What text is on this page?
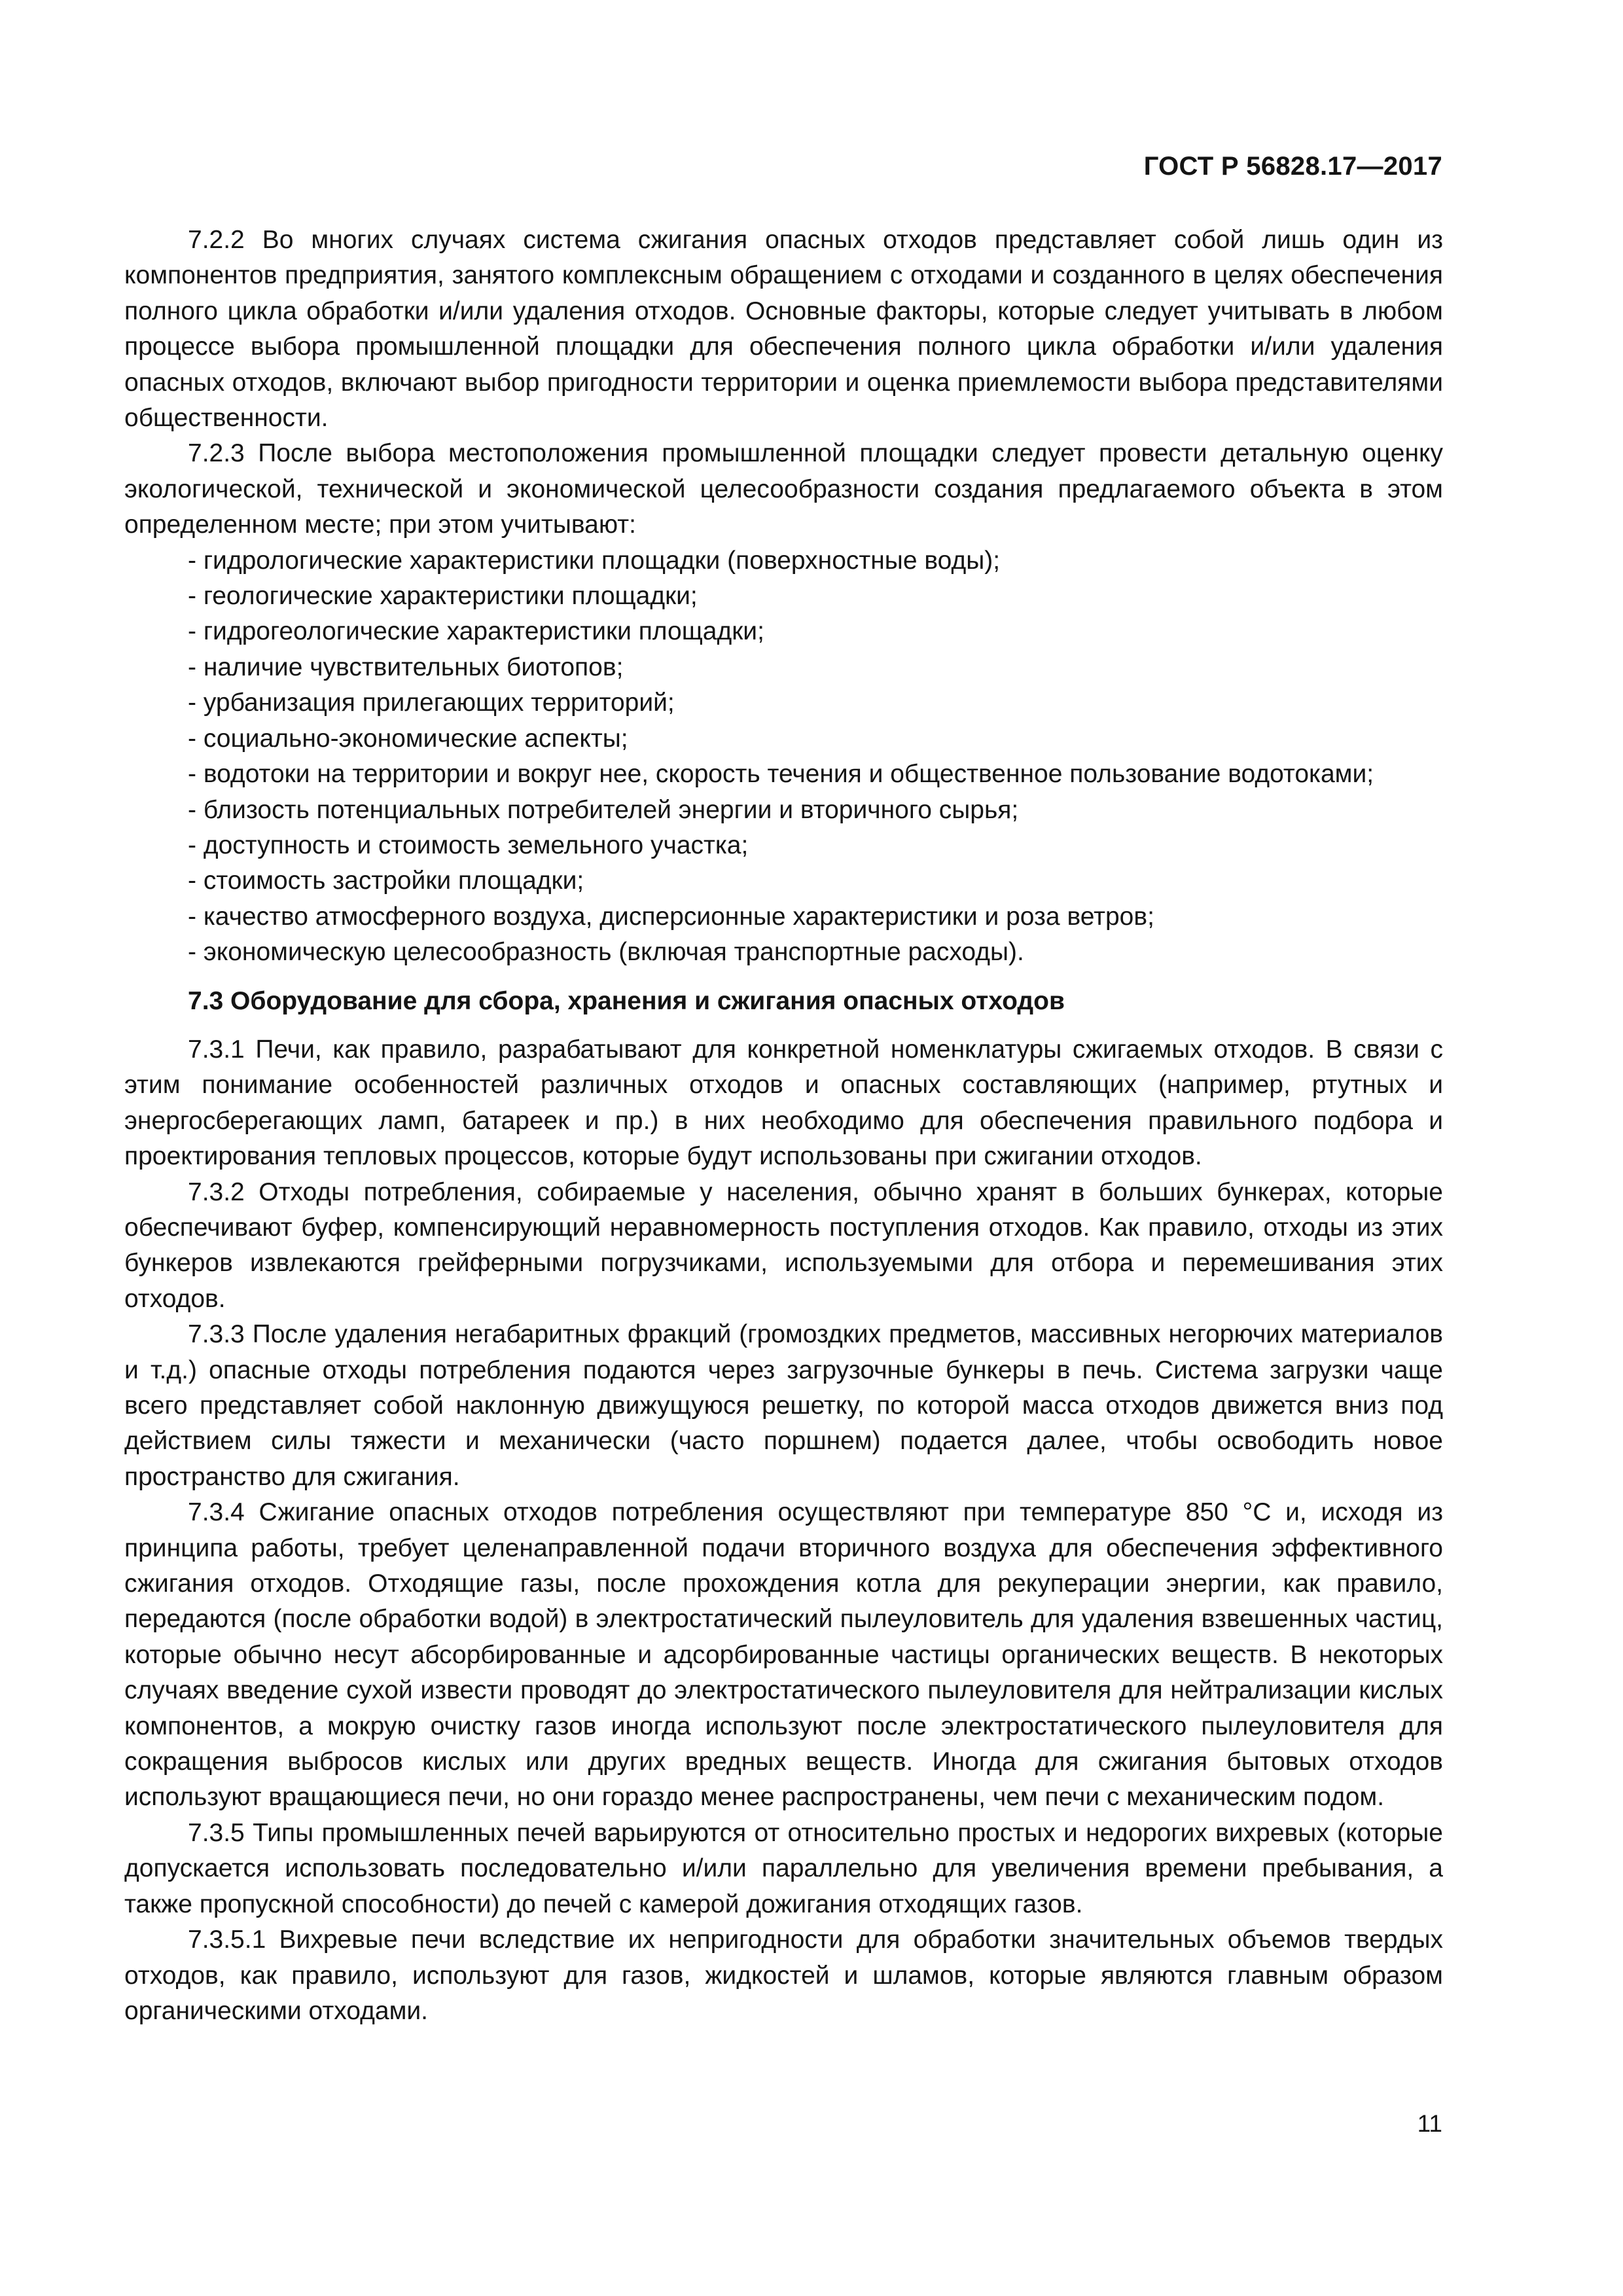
ГОСТ Р 56828.17—2017

7.2.2 Во многих случаях система сжигания опасных отходов представляет собой лишь один из компонентов предприятия, занятого комплексным обращением с отходами и созданного в целях обеспечения полного цикла обработки и/или удаления отходов. Основные факторы, которые следует учитывать в любом процессе выбора промышленной площадки для обеспечения полного цикла обработки и/или удаления опасных отходов, включают выбор пригодности территории и оценка приемлемости выбора представителями общественности.

7.2.3 После выбора местоположения промышленной площадки следует провести детальную оценку экологической, технической и экономической целесообразности создания предлагаемого объекта в этом определенном месте; при этом учитывают:

- гидрологические характеристики площадки (поверхностные воды);
- геологические характеристики площадки;
- гидрогеологические характеристики площадки;
- наличие чувствительных биотопов;
- урбанизация прилегающих территорий;
- социально-экономические аспекты;
- водотоки на территории и вокруг нее, скорость течения и общественное пользование водотоками;
- близость потенциальных потребителей энергии и вторичного сырья;
- доступность и стоимость земельного участка;
- стоимость застройки площадки;
- качество атмосферного воздуха, дисперсионные характеристики и роза ветров;
- экономическую целесообразность (включая транспортные расходы).
7.3 Оборудование для сбора, хранения и сжигания опасных отходов

7.3.1 Печи, как правило, разрабатывают для конкретной номенклатуры сжигаемых отходов. В связи с этим понимание особенностей различных отходов и опасных составляющих (например, ртутных и энергосберегающих ламп, батареек и пр.) в них необходимо для обеспечения правильного подбора и проектирования тепловых процессов, которые будут использованы при сжигании отходов.

7.3.2 Отходы потребления, собираемые у населения, обычно хранят в больших бункерах, которые обеспечивают буфер, компенсирующий неравномерность поступления отходов. Как правило, отходы из этих бункеров извлекаются грейферными погрузчиками, используемыми для отбора и перемешивания этих отходов.

7.3.3 После удаления негабаритных фракций (громоздких предметов, массивных негорючих материалов и т.д.) опасные отходы потребления подаются через загрузочные бункеры в печь. Система загрузки чаще всего представляет собой наклонную движущуюся решетку, по которой масса отходов движется вниз под действием силы тяжести и механически (часто поршнем) подается далее, чтобы освободить новое пространство для сжигания.

7.3.4 Сжигание опасных отходов потребления осуществляют при температуре 850 °С и, исходя из принципа работы, требует целенаправленной подачи вторичного воздуха для обеспечения эффективного сжигания отходов. Отходящие газы, после прохождения котла для рекуперации энергии, как правило, передаются (после обработки водой) в электростатический пылеуловитель для удаления взвешенных частиц, которые обычно несут абсорбированные и адсорбированные частицы органических веществ. В некоторых случаях введение сухой извести проводят до электростатического пылеуловителя для нейтрализации кислых компонентов, а мокрую очистку газов иногда используют после электростатического пылеуловителя для сокращения выбросов кислых или других вредных веществ. Иногда для сжигания бытовых отходов используют вращающиеся печи, но они гораздо менее распространены, чем печи с механическим подом.

7.3.5 Типы промышленных печей варьируются от относительно простых и недорогих вихревых (которые допускается использовать последовательно и/или параллельно для увеличения времени пребывания, а также пропускной способности) до печей с камерой дожигания отходящих газов.

7.3.5.1 Вихревые печи вследствие их непригодности для обработки значительных объемов твердых отходов, как правило, используют для газов, жидкостей и шламов, которые являются главным образом органическими отходами.

11
